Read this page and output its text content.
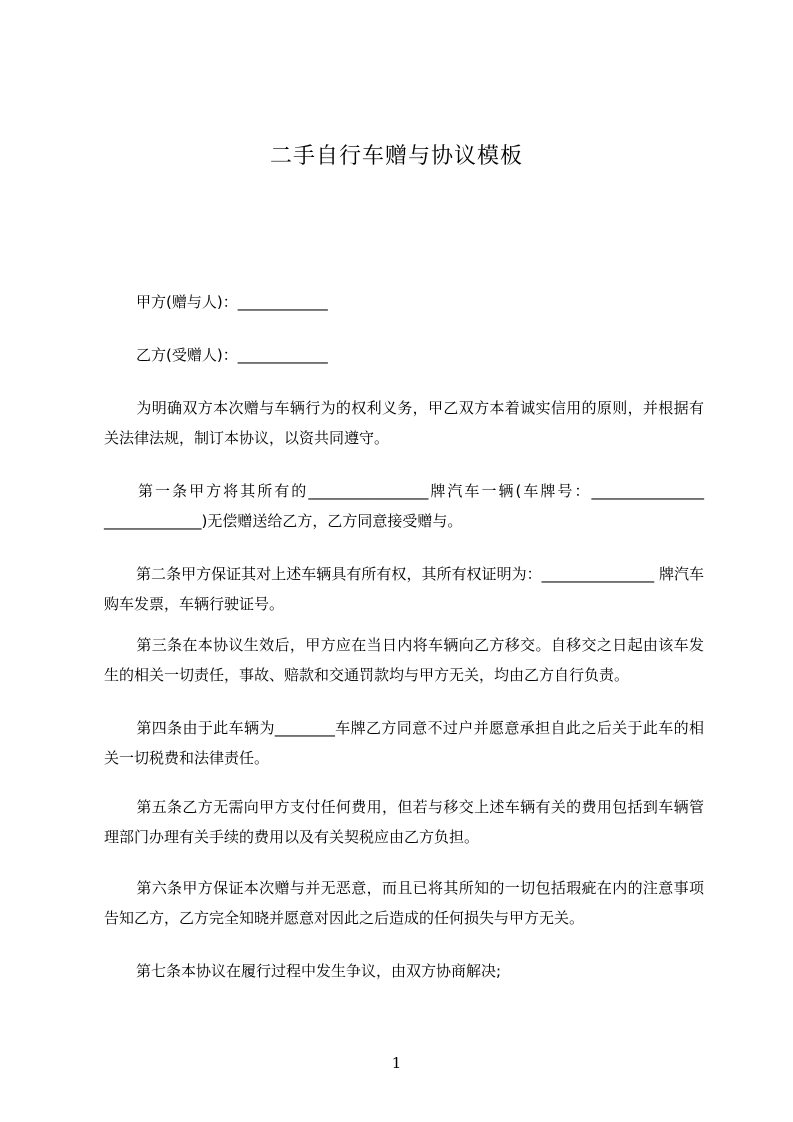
二手自行车赠与协议模板
甲方(赠与人)：____________
乙方(受赠人)：____________
为明确双方本次赠与车辆行为的权利义务，甲乙双方本着诚实信用的原则，并根据有关法律法规，制订本协议，以资共同遵守。
第一条甲方将其所有的________________牌汽车一辆(车牌号：_______________ _____________)无偿赠送给乙方，乙方同意接受赠与。
第二条甲方保证其对上述车辆具有所有权，其所有权证明为：_______________ 牌汽车购车发票，车辆行驶证号。
第三条在本协议生效后，甲方应在当日内将车辆向乙方移交。自移交之日起由该车发生的相关一切责任，事故、赔款和交通罚款均与甲方无关，均由乙方自行负责。
第四条由于此车辆为________车牌乙方同意不过户并愿意承担自此之后关于此车的相关一切税费和法律责任。
第五条乙方无需向甲方支付任何费用，但若与移交上述车辆有关的费用包括到车辆管理部门办理有关手续的费用以及有关契税应由乙方负担。
第六条甲方保证本次赠与并无恶意，而且已将其所知的一切包括瑕疵在内的注意事项告知乙方，乙方完全知晓并愿意对因此之后造成的任何损失与甲方无关。
第七条本协议在履行过程中发生争议，由双方协商解决;
1
